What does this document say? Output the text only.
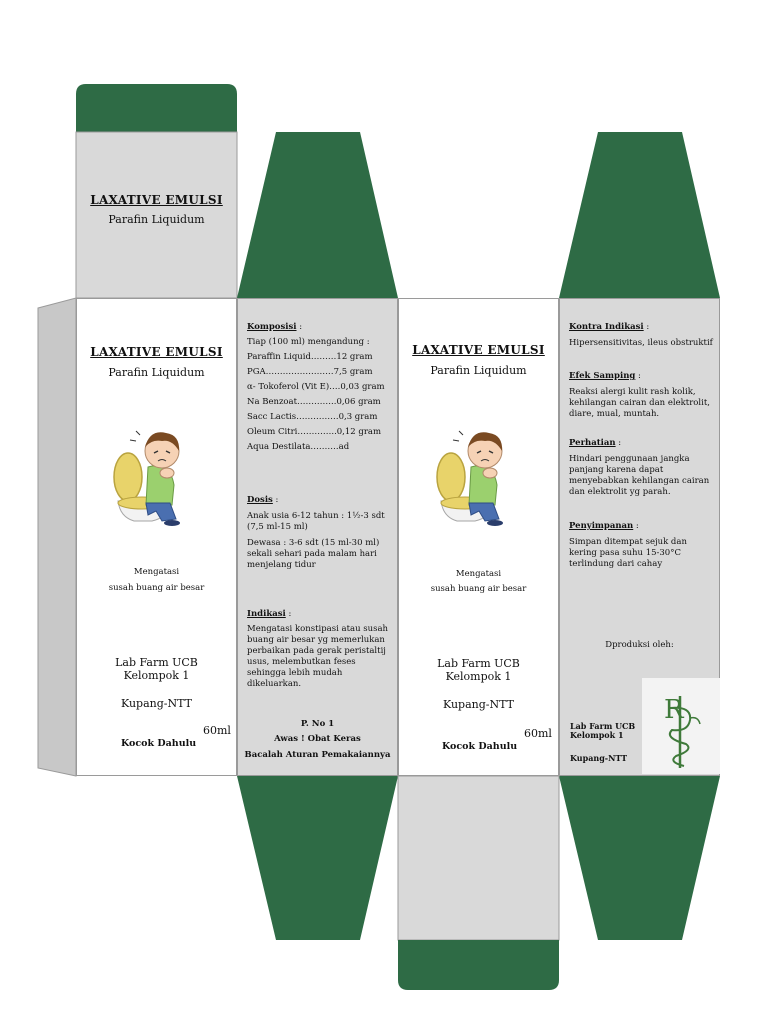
LAXATIVE EMULSI
Parafin Liquidum
LAXATIVE EMULSI
Parafin Liquidum
Mengatasi
susah buang air besar
Lab Farm UCB
Kelompok 1
Kupang-NTT
60ml
Kocok Dahulu
Komposisi :
Tiap (100 ml) mengandung :
Paraffin Liquid………12 gram
PGA……………………7,5 gram
α- Tokoferol (Vit E)….0,03 gram
Na Benzoat…………..0,06 gram
Sacc Lactis……………0,3 gram
Oleum Citri…………..0,12 gram
Aqua Destilata……….ad
Dosis :
Anak usia 6-12 tahun : 1½-3 sdt (7,5 ml-15 ml)
Dewasa : 3-6 sdt (15 ml-30 ml) sekali sehari pada malam hari menjelang tidur
Indikasi :
Mengatasi konstipasi atau susah buang air besar yg memerlukan perbaikan pada gerak peristaltij usus, melembutkan feses sehingga lebih mudah dikeluarkan.
P. No 1
Awas ! Obat Keras
Bacalah Aturan Pemakaiannya
LAXATIVE EMULSI
Parafin Liquidum
Mengatasi
susah buang air besar
Lab Farm UCB
Kelompok 1
Kupang-NTT
60ml
Kocok Dahulu
Kontra Indikasi :
Hipersensitivitas, ileus obstruktif
Efek Samping :
Reaksi alergi kulit rash kolik, kehilangan cairan dan elektrolit, diare, mual, muntah.
Perhatian :
Hindari penggunaan jangka panjang karena dapat menyebabkan kehilangan cairan dan elektrolit yg parah.
Penyimpanan :
Simpan ditempat sejuk dan kering pasa suhu 15-30°C terlindung dari cahay
Dproduksi oleh:
R
Lab Farm UCB
Kelompok 1
Kupang-NTT
